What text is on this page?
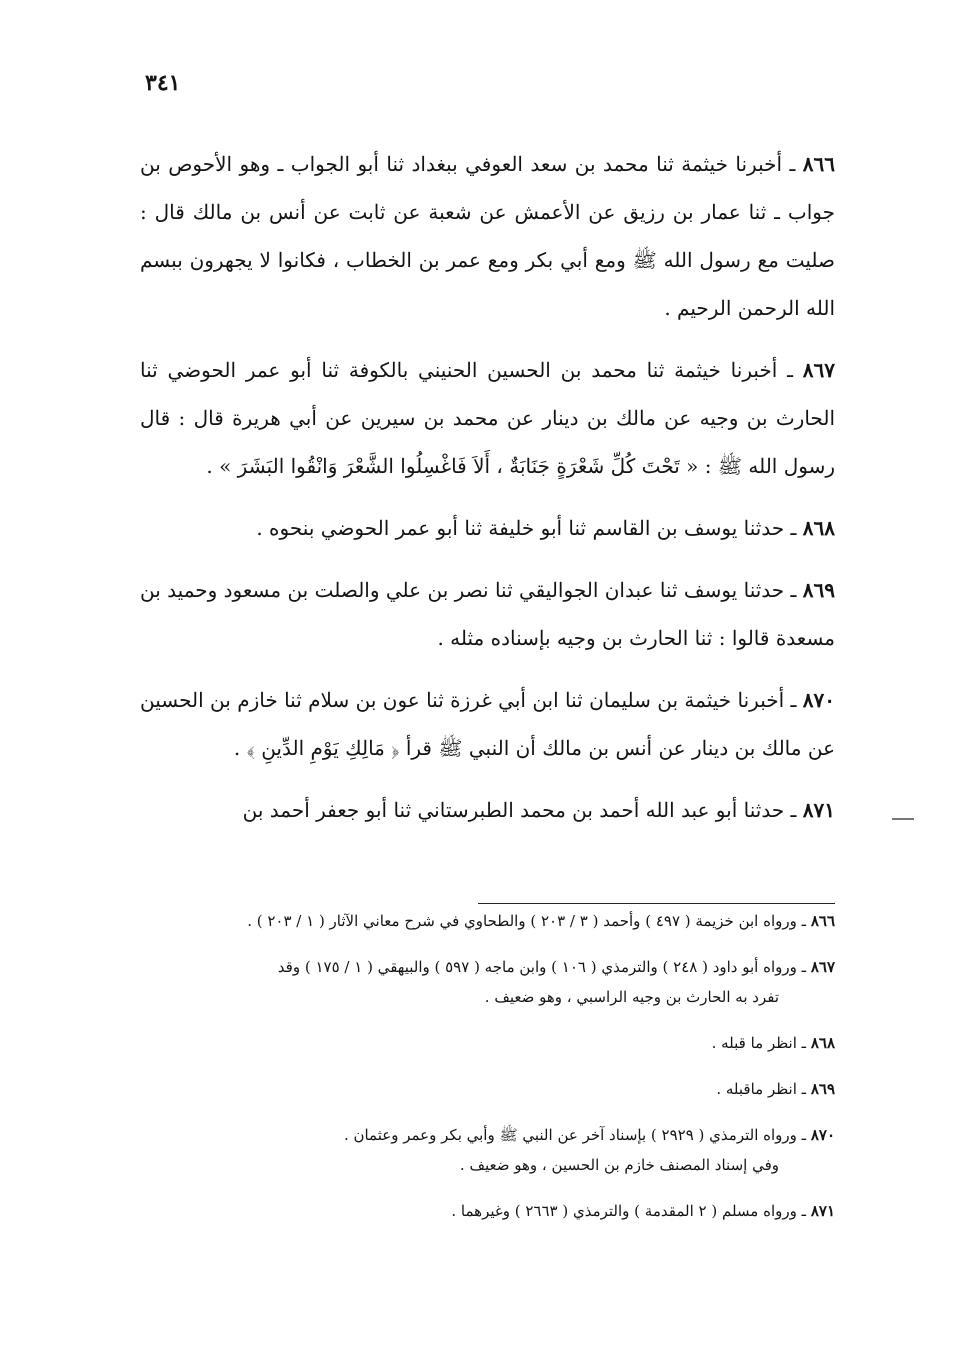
٣٤١

٨٦٦ ـ أخبرنا خيثمة ثنا محمد بن سعد العوفي ببغداد ثنا أبو الجواب ـ وهو الأحوص بن جواب ـ ثنا عمار بن رزيق عن الأعمش عن شعبة عن ثابت عن أنس بن مالك قال : صليت مع رسول الله ﷺ ومع أبي بكر ومع عمر بن الخطاب ، فكانوا لا يجهرون ببسم الله الرحمن الرحيم .

٨٦٧ ـ أخبرنا خيثمة ثنا محمد بن الحسين الحنيني بالكوفة ثنا أبو عمر الحوضي ثنا الحارث بن وجيه عن مالك بن دينار عن محمد بن سيرين عن أبي هريرة قال : قال رسول الله ﷺ : « تَحْتَ كُلِّ شَعْرَةٍ جَنَابَةٌ ، أَلاَ فَاغْسِلُوا الشَّعْرَ وَانْقُوا البَشَرَ » .

٨٦٨ ـ حدثنا يوسف بن القاسم ثنا أبو خليفة ثنا أبو عمر الحوضي بنحوه .

٨٦٩ ـ حدثنا يوسف ثنا عبدان الجواليقي ثنا نصر بن علي والصلت بن مسعود وحميد بن مسعدة قالوا : ثنا الحارث بن وجيه بإسناده مثله .

٨٧٠ ـ أخبرنا خيثمة بن سليمان ثنا ابن أبي غرزة ثنا عون بن سلام ثنا خازم بن الحسين عن مالك بن دينار عن أنس بن مالك أن النبي ﷺ قرأ ﴿ مَالِكِ يَوْمِ الدِّينِ ﴾ .

٨٧١ ـ حدثنا أبو عبد الله أحمد بن محمد الطبرستاني ثنا أبو جعفر أحمد بن

٨٦٦ ـ ورواه ابن خزيمة ( ٤٩٧ ) وأحمد ( ٣ / ٢٠٣ ) والطحاوي في شرح معاني الآثار ( ١ / ٢٠٣ ) .

٨٦٧ ـ ورواه أبو داود ( ٢٤٨ ) والترمذي ( ١٠٦ ) وابن ماجه ( ٥٩٧ ) والبيهقي ( ١ / ١٧٥ ) وقد
تفرد به الحارث بن وجيه الراسبي ، وهو ضعيف .

٨٦٨ ـ انظر ما قبله .

٨٦٩ ـ انظر ماقبله .

٨٧٠ ـ ورواه الترمذي ( ٢٩٢٩ ) بإسناد آخر عن النبي ﷺ وأبي بكر وعمر وعثمان .
وفي إسناد المصنف خازم بن الحسين ، وهو ضعيف .

٨٧١ ـ ورواه مسلم ( ٢ المقدمة ) والترمذي ( ٢٦٦٣ ) وغيرهما .
